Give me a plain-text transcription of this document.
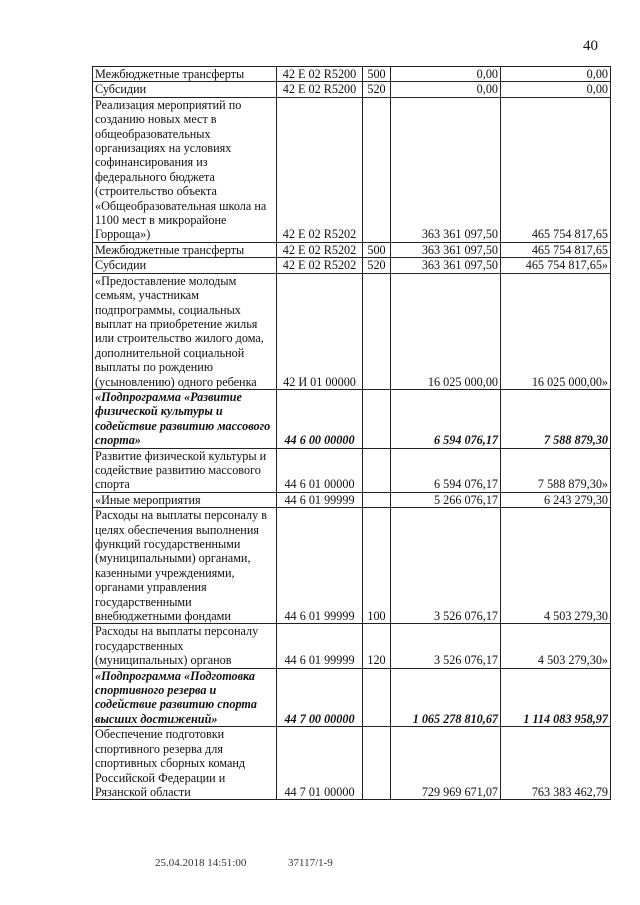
40
Межбюджетные трансферты	42 Е 02 R5200	500	0,00	0,00
Субсидии	42 Е 02 R5200	520	0,00	0,00
Реализация мероприятий по созданию новых мест в общеобразовательных организациях на условиях софинансирования из федерального бюджета (строительство объекта «Общеобразовательная школа на 1100 мест в микрорайоне Горроща»)	42 Е 02 R5202		363 361 097,50	465 754 817,65
Межбюджетные трансферты	42 Е 02 R5202	500	363 361 097,50	465 754 817,65
Субсидии	42 Е 02 R5202	520	363 361 097,50	465 754 817,65»
«Предоставление молодым семьям, участникам подпрограммы, социальных выплат на приобретение жилья или строительство жилого дома, дополнительной социальной выплаты по рождению (усыновлению) одного ребенка	42 И 01 00000		16 025 000,00	16 025 000,00»
«Подпрограмма «Развитие физической культуры и содействие развитию массового спорта»	44 6 00 00000		6 594 076,17	7 588 879,30
Развитие физической культуры и содействие развитию массового спорта	44 6 01 00000		6 594 076,17	7 588 879,30»
«Иные мероприятия	44 6 01 99999		5 266 076,17	6 243 279,30
Расходы на выплаты персоналу в целях обеспечения выполнения функций государственными (муниципальными) органами, казенными учреждениями, органами управления государственными внебюджетными фондами	44 6 01 99999	100	3 526 076,17	4 503 279,30
Расходы на выплаты персоналу государственных (муниципальных) органов	44 6 01 99999	120	3 526 076,17	4 503 279,30»
«Подпрограмма «Подготовка спортивного резерва и содействие развитию спорта высших достижений»	44 7 00 00000		1 065 278 810,67	1 114 083 958,97
Обеспечение подготовки спортивного резерва для спортивных сборных команд Российской Федерации и Рязанской области	44 7 01 00000		729 969 671,07	763 383 462,79
25.04.2018 14:51:00	37117/1-9
